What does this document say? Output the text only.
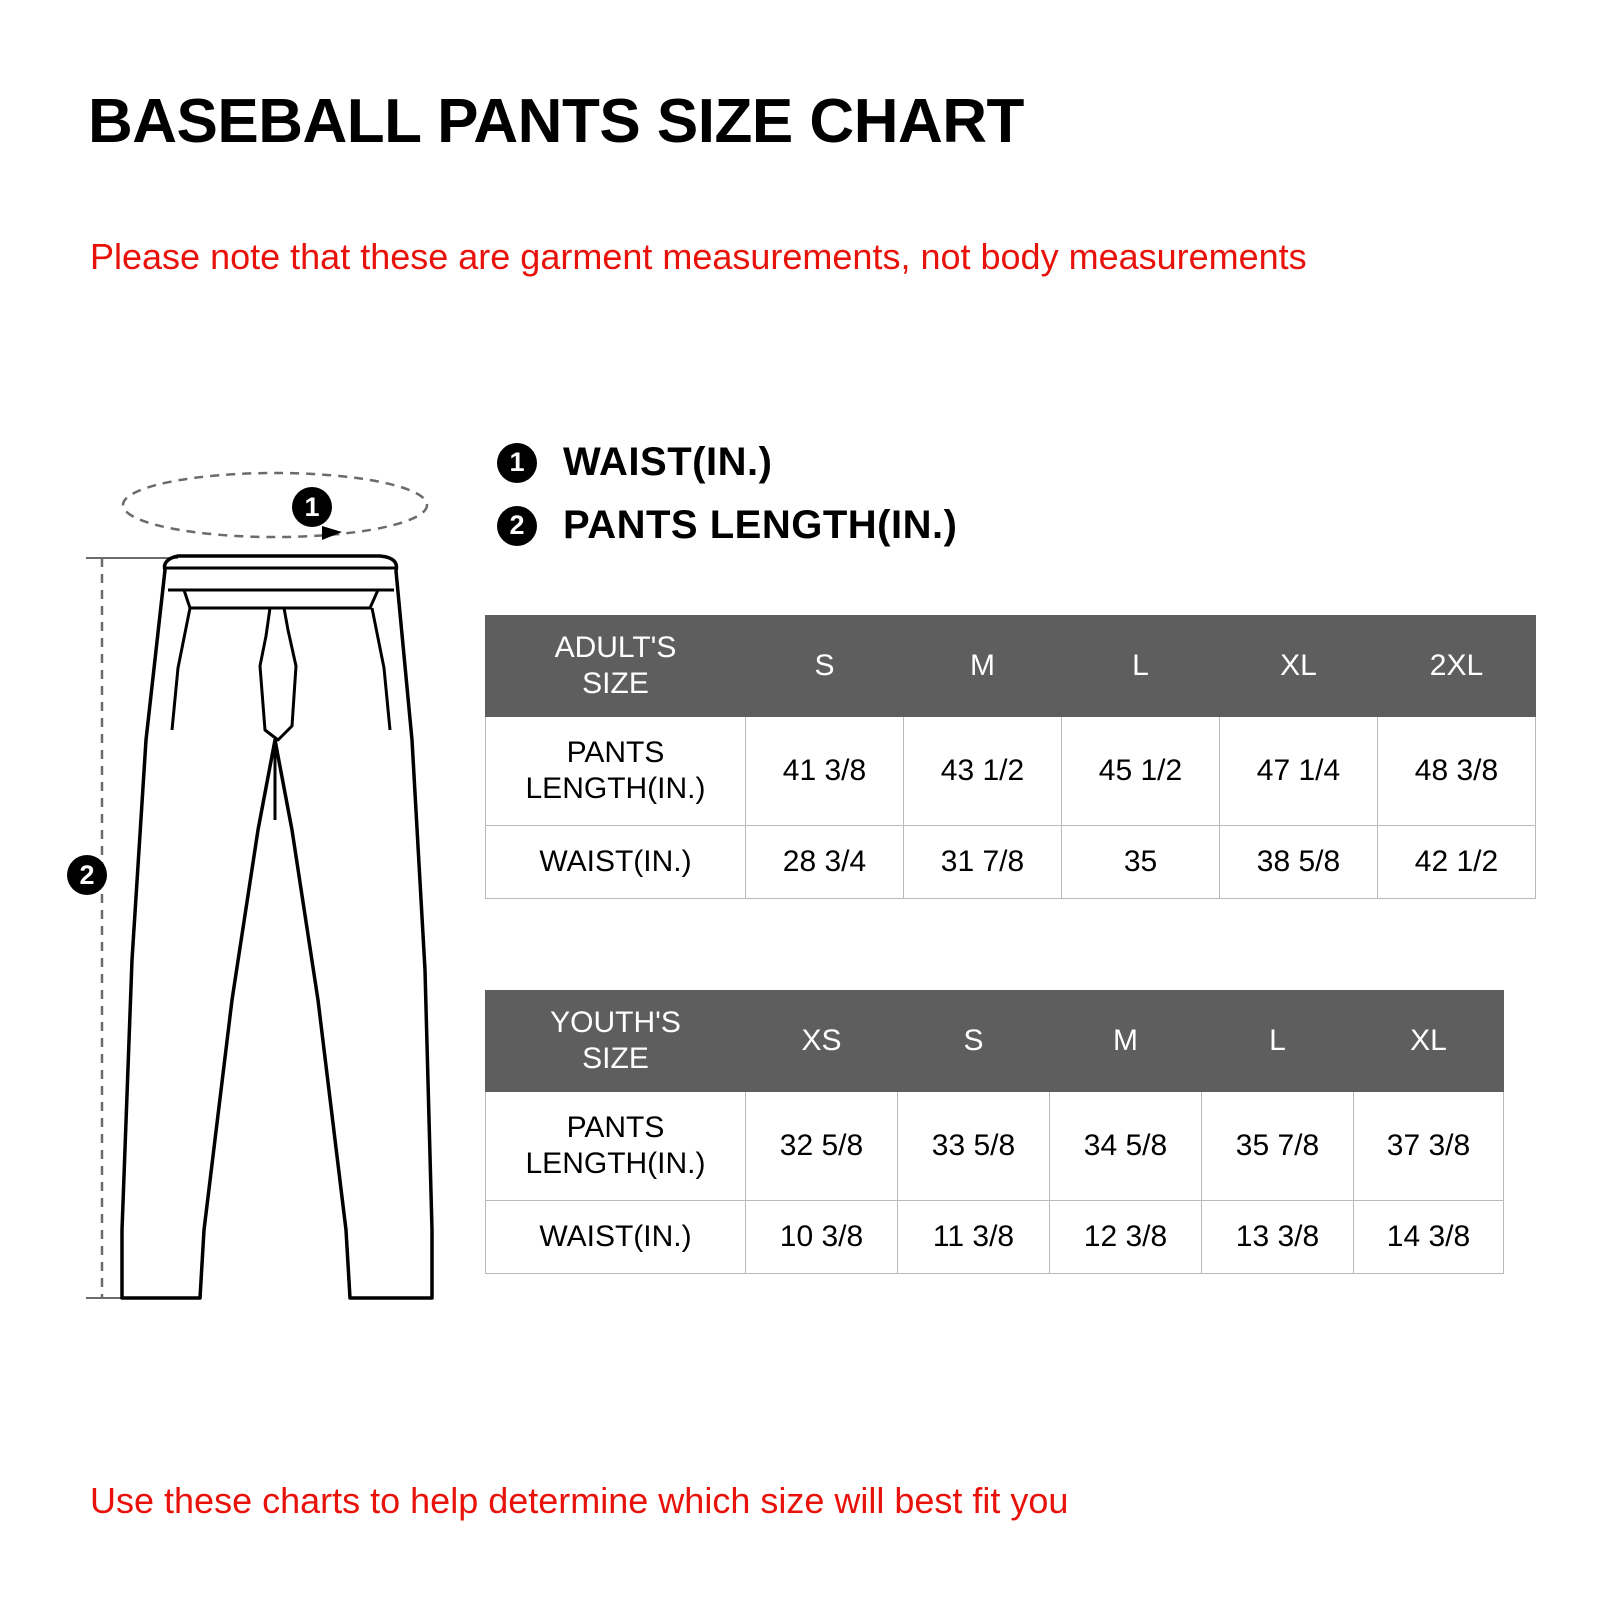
BASEBALL PANTS SIZE CHART
Please note that these are garment measurements, not body measurements
1 WAIST(IN.)
2 PANTS LENGTH(IN.)
1
2
ADULT'S
SIZE	S	M	L	XL	2XL

PANTS
LENGTH(IN.)	41 3/8	43 1/2	45 1/2	47 1/4	48 3/8
WAIST(IN.)	28 3/4	31 7/8	35	38 5/8	42 1/2
YOUTH'S
SIZE	XS	S	M	L	XL

PANTS
LENGTH(IN.)	32 5/8	33 5/8	34 5/8	35 7/8	37 3/8
WAIST(IN.)	10 3/8	11 3/8	12 3/8	13 3/8	14 3/8
Use these charts to help determine which size will best fit you
